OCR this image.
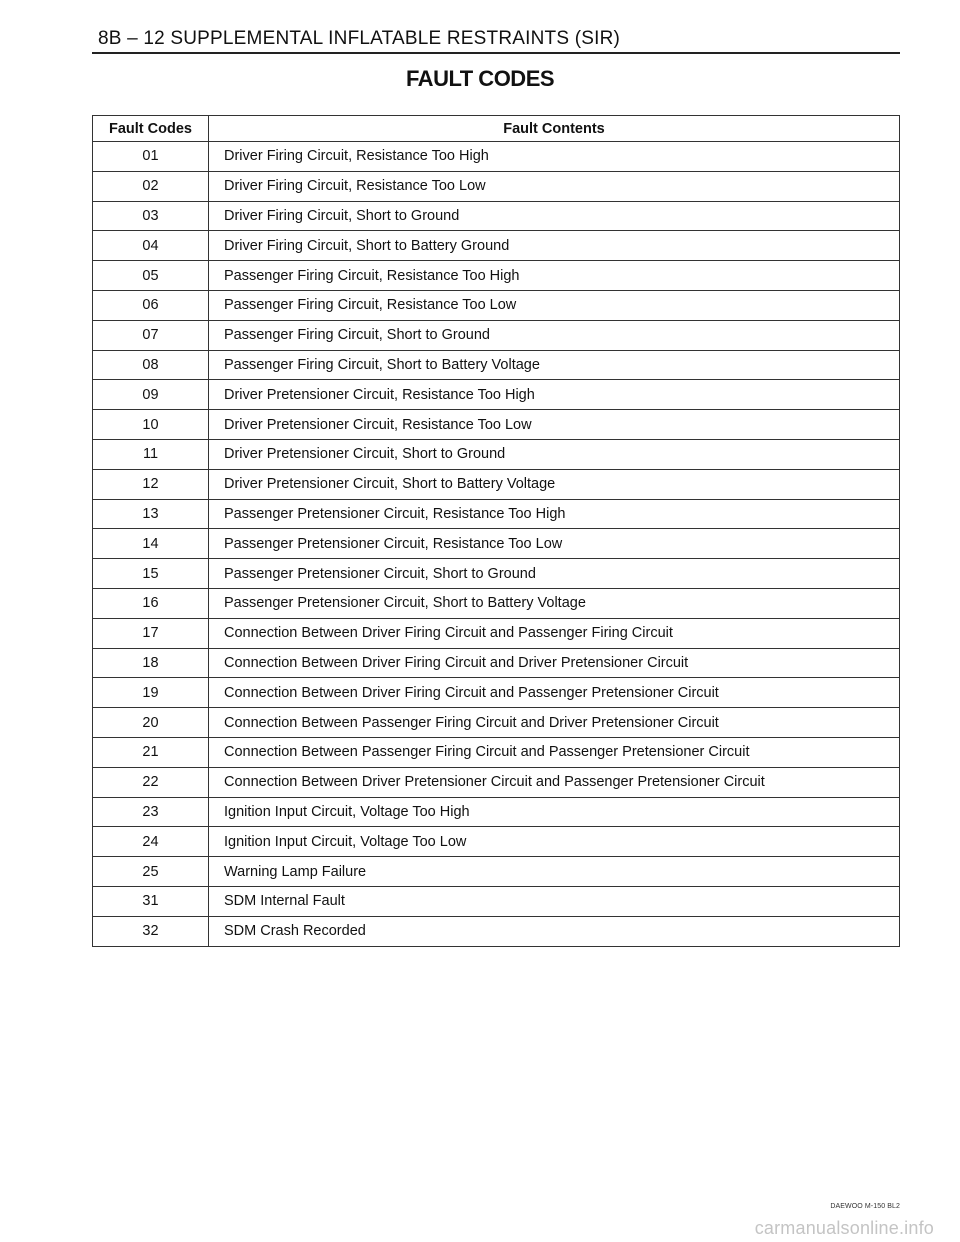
8B – 12 SUPPLEMENTAL INFLATABLE RESTRAINTS (SIR)
FAULT CODES
Fault Codes	Fault Contents
01	Driver Firing Circuit, Resistance Too High
02	Driver Firing Circuit, Resistance Too Low
03	Driver Firing Circuit, Short to Ground
04	Driver Firing Circuit, Short to Battery Ground
05	Passenger Firing Circuit, Resistance Too High
06	Passenger Firing Circuit, Resistance Too Low
07	Passenger Firing Circuit, Short to Ground
08	Passenger Firing Circuit, Short to Battery Voltage
09	Driver Pretensioner Circuit, Resistance Too High
10	Driver Pretensioner Circuit, Resistance Too Low
11	Driver Pretensioner Circuit, Short to Ground
12	Driver Pretensioner Circuit, Short to Battery Voltage
13	Passenger Pretensioner Circuit, Resistance Too High
14	Passenger Pretensioner Circuit, Resistance Too Low
15	Passenger Pretensioner Circuit, Short to Ground
16	Passenger Pretensioner Circuit, Short to Battery Voltage
17	Connection Between Driver Firing Circuit and Passenger Firing Circuit
18	Connection Between Driver Firing Circuit and Driver Pretensioner Circuit
19	Connection Between Driver Firing Circuit and Passenger Pretensioner Circuit
20	Connection Between Passenger Firing Circuit and Driver Pretensioner Circuit
21	Connection Between Passenger Firing Circuit and Passenger Pretensioner Circuit
22	Connection Between Driver Pretensioner Circuit and Passenger Pretensioner Circuit
23	Ignition Input Circuit, Voltage Too High
24	Ignition Input Circuit, Voltage Too Low
25	Warning Lamp Failure
31	SDM Internal Fault
32	SDM Crash Recorded
DAEWOO M-150 BL2
carmanualsonline.info
